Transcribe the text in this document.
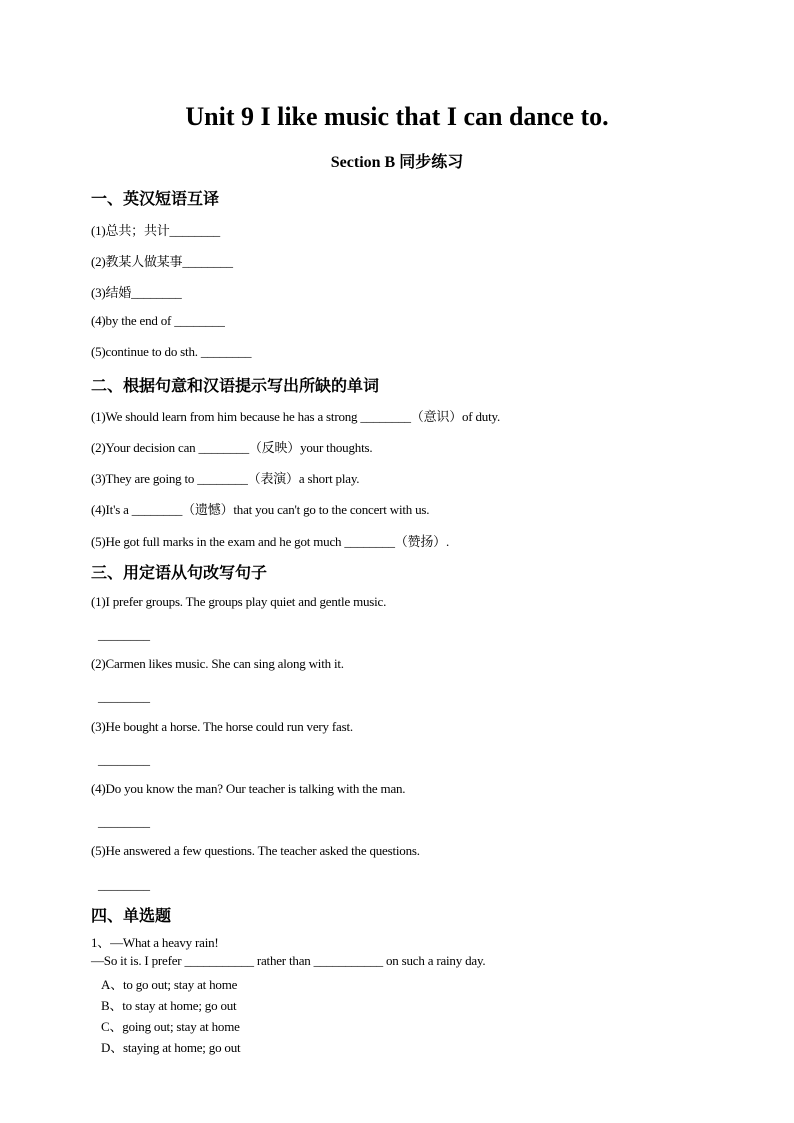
Unit 9 I like music that I can dance to.
Section B 同步练习
一、英汉短语互译
(1)总共；共计________
(2)教某人做某事________
(3)结婚________
(4)by the end of ________
(5)continue to do sth. ________
二、根据句意和汉语提示写出所缺的单词
(1)We should learn from him because he has a strong ________（意识）of duty.
(2)Your decision can ________（反映）your thoughts.
(3)They are going to ________（表演）a short play.
(4)It's a ________（遗憾）that you can't go to the concert with us.
(5)He got full marks in the exam and he got much ________（赞扬）.
三、用定语从句改写句子
(1)I prefer groups. The groups play quiet and gentle music.
________
(2)Carmen likes music. She can sing along with it.
________
(3)He bought a horse. The horse could run very fast.
________
(4)Do you know the man? Our teacher is talking with the man.
________
(5)He answered a few questions. The teacher asked the questions.
________
四、单选题
1、—What a heavy rain!
—So it is. I prefer ___________ rather than ___________ on such a rainy day.
A、to go out; stay at home
B、to stay at home; go out
C、going out; stay at home
D、staying at home; go out
